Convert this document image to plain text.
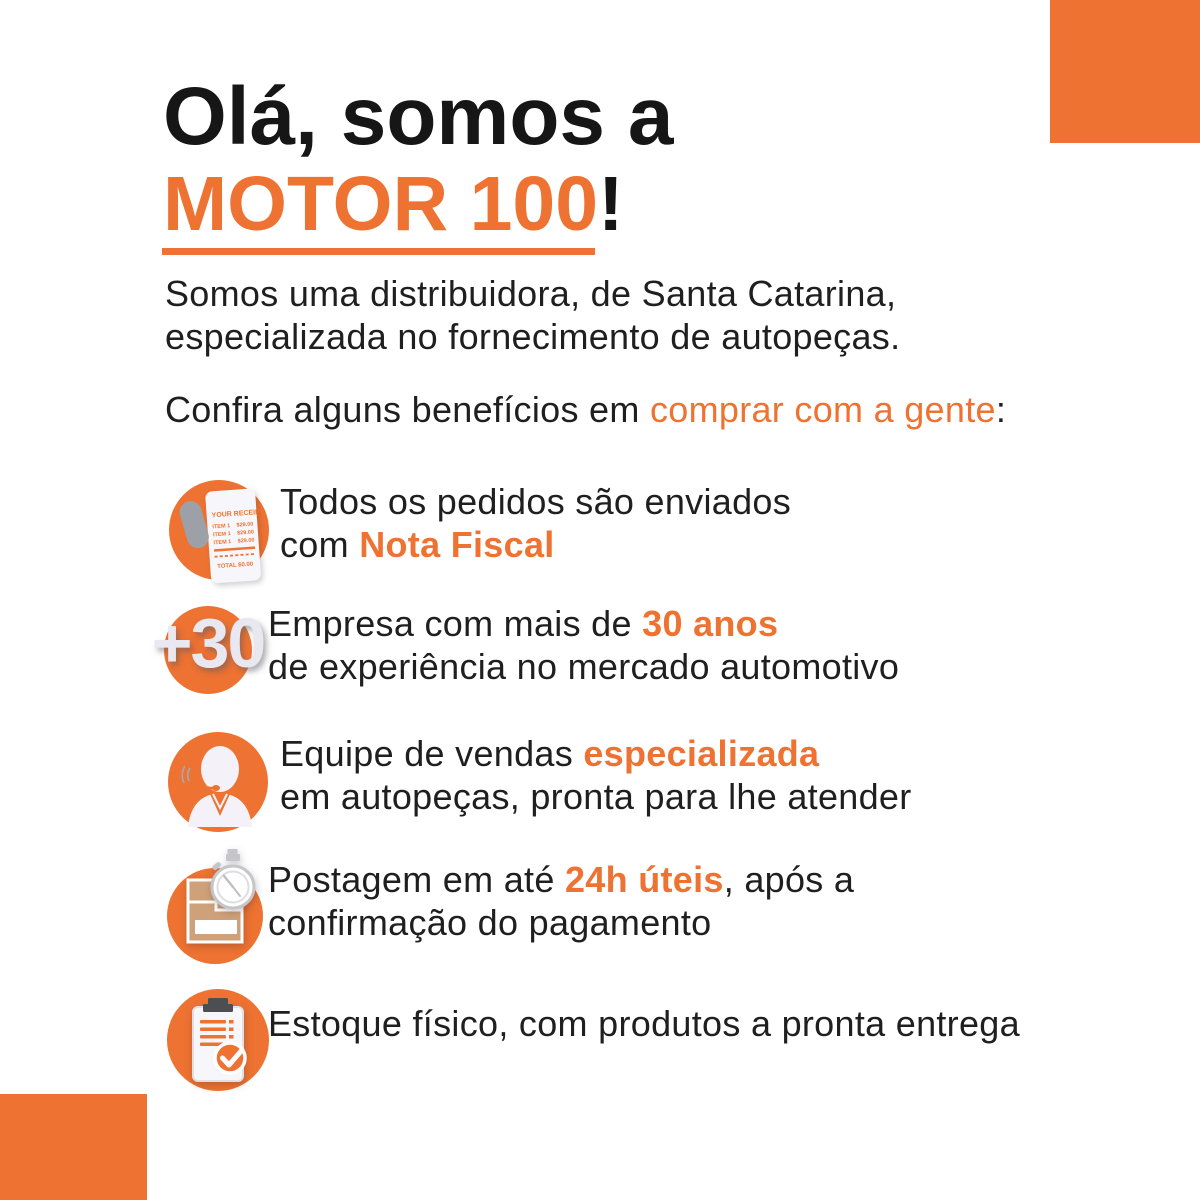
Olá, somos a
MOTOR 100!

Somos uma distribuidora, de Santa Catarina,
especializada no fornecimento de autopeças.

Confira alguns benefícios em comprar com a gente:

YOUR RECEIPT
ITEM 1 $29.00
ITEM 1 $29.00
ITEM 1 $29.00
TOTAL $0.00
Todos os pedidos são enviados
com Nota Fiscal
+30 Empresa com mais de 30 anos
de experiência no mercado automotivo
Equipe de vendas especializada
em autopeças, pronta para lhe atender
Postagem em até 24h úteis, após a
confirmação do pagamento
Estoque físico, com produtos a pronta entrega
